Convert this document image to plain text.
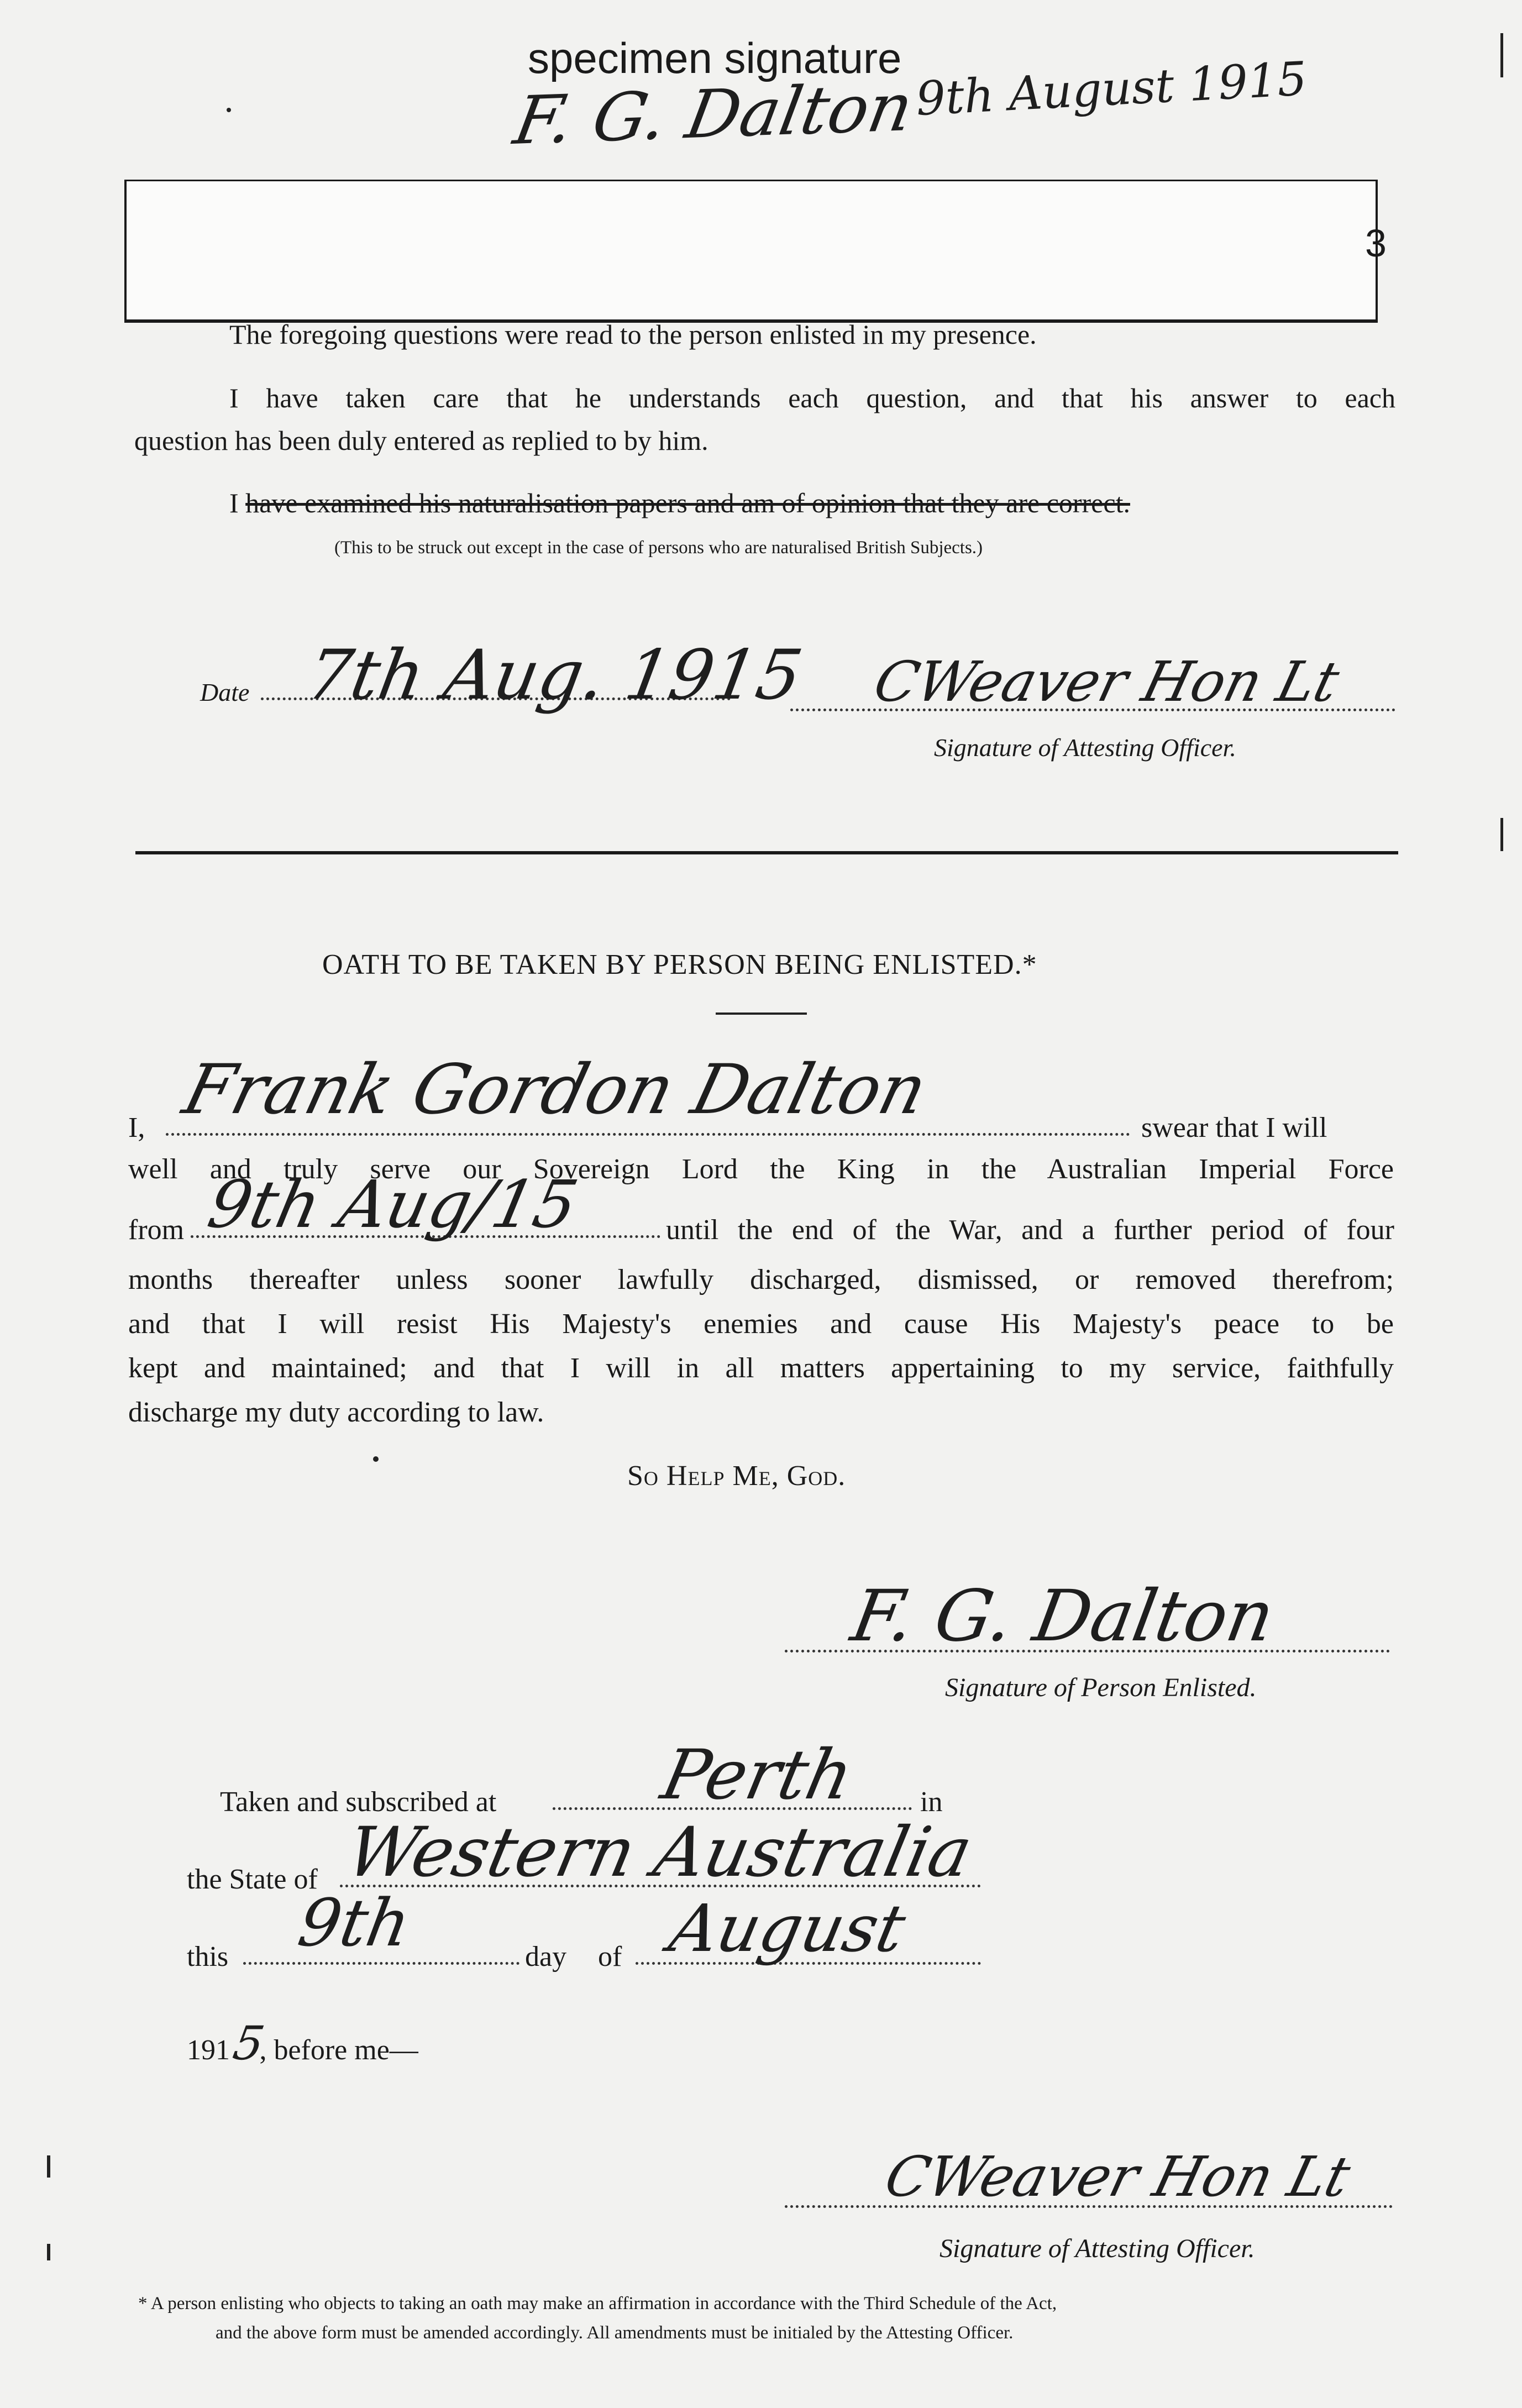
specimen signature
F. G. Dalton
9th August 1915
3
The foregoing questions were read to the person enlisted in my presence.
I have taken care that he understands each question, and that his answer to each
question has been duly entered as replied to by him.
I have examined his naturalisation papers and am of opinion that they are correct.
(This to be struck out except in the case of persons who are naturalised British Subjects.)
Date 7th Aug. 1915 CWeaver Hon Lt
Signature of Attesting Officer.
OATH TO BE TAKEN BY PERSON BEING ENLISTED.*
I, Frank Gordon Dalton	swear that I will
well and truly serve our Sovereign Lord the King in the Australian Imperial Force
from 9th Aug/15	until the end of the War, and a further period of four
months thereafter unless sooner lawfully discharged, dismissed, or removed therefrom;
and that I will resist His Majesty's enemies and cause His Majesty's peace to be
kept and maintained; and that I will in all matters appertaining to my service, faithfully
discharge my duty according to law.
So Help Me, God.
F. G. Dalton
Signature of Person Enlisted.
Taken and subscribed at Perth in
the State of Western Australia
this 9th	day of August
1915, before me—
CWeaver Hon Lt
Signature of Attesting Officer.
* A person enlisting who objects to taking an oath may make an affirmation in accordance with the Third Schedule of the Act,
and the above form must be amended accordingly. All amendments must be initialed by the Attesting Officer.
